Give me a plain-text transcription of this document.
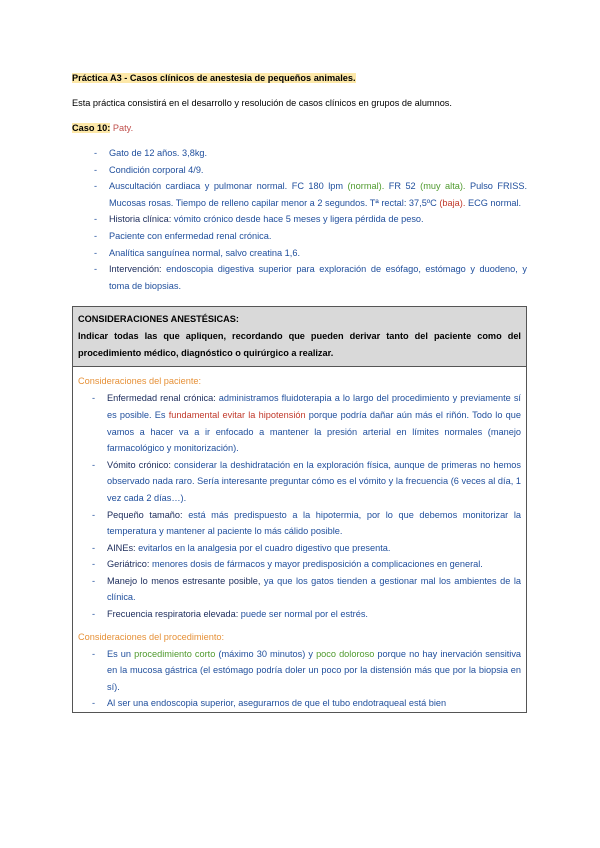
Práctica A3 - Casos clínicos de anestesia de pequeños animales.

Esta práctica consistirá en el desarrollo y resolución de casos clínicos en grupos de alumnos.

Caso 10: Paty.

- Gato de 12 años. 3,8kg.
- Condición corporal 4/9.
- Auscultación cardiaca y pulmonar normal. FC 180 lpm (normal). FR 52 (muy alta). Pulso FRISS. Mucosas rosas. Tiempo de relleno capilar menor a 2 segundos. Tª rectal: 37,5ºC (baja). ECG normal.
- Historia clínica: vómito crónico desde hace 5 meses y ligera pérdida de peso.
- Paciente con enfermedad renal crónica.
- Analítica sanguínea normal, salvo creatina 1,6.
- Intervención: endoscopia digestiva superior para exploración de esófago, estómago y duodeno, y toma de biopsias.
CONSIDERACIONES ANESTÉSICAS:
Indicar todas las que apliquen, recordando que pueden derivar tanto del paciente como del procedimiento médico, diagnóstico o quirúrgico a realizar.
Consideraciones del paciente:
- Enfermedad renal crónica: administramos fluidoterapia a lo largo del procedimiento y previamente sí es posible. Es fundamental evitar la hipotensión porque podría dañar aún más el riñón. Todo lo que vamos a hacer va a ir enfocado a mantener la presión arterial en límites normales (manejo farmacológico y monitorización).
- Vómito crónico: considerar la deshidratación en la exploración física, aunque de primeras no hemos observado nada raro. Sería interesante preguntar cómo es el vómito y la frecuencia (6 veces al día, 1 vez cada 2 días…).
- Pequeño tamaño: está más predispuesto a la hipotermia, por lo que debemos monitorizar la temperatura y mantener al paciente lo más cálido posible.
- AINEs: evitarlos en la analgesia por el cuadro digestivo que presenta.
- Geriátrico: menores dosis de fármacos y mayor predisposición a complicaciones en general.
- Manejo lo menos estresante posible, ya que los gatos tienden a gestionar mal los ambientes de la clínica.
- Frecuencia respiratoria elevada: puede ser normal por el estrés.
Consideraciones del procedimiento:
- Es un procedimiento corto (máximo 30 minutos) y poco doloroso porque no hay inervación sensitiva en la mucosa gástrica (el estómago podría doler un poco por la distensión más que por la biopsia en sí).
- Al ser una endoscopia superior, asegurarnos de que el tubo endotraqueal está bien
